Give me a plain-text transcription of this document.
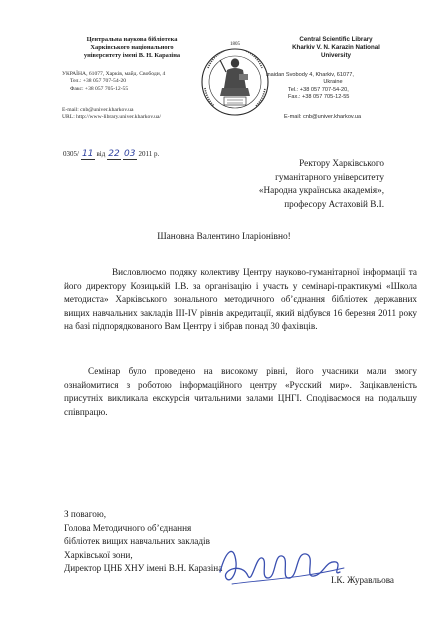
Центральна наукова бібліотека
Харківського національного
університету імені В. Н. Каразіна
УКРАЇНА, 61077, Харків, майд. Свободи, 4
Тел.: +38 057 707-54-20
Факс: +38 057 705-12-55
E-mail: cnb@univer.kharkov.ua
URL: http://www-library.univer.kharkov.ua/
1805
Central Scientific Library
Kharkiv V. N. Karazin National
University
maidan Svobody 4, Kharkiv, 61077,
Ukraine
Tel.: +38 057 707-54-20,
Fax.: +38 057 705-12-55
E-mail: cnb@univer.kharkov.ua
0305/ 11 від 22 03 2011 р.
Ректору Харківського
гуманітарного університету
«Народна українська академія»,
професору Астаховій В.І.
Шановна Валентино Іларіонівно!
Висловлюємо подяку колективу Центру науково-гуманітарної інформації та його директору Козицькій І.В. за організацію і участь у семінарі-практикумі «Школа методиста» Харківського зонального методичного об’єднання бібліотек державних вищих навчальних закладів ІІІ-ІV рівнів акредитації, який відбувся 16 березня 2011 року на базі підпорядкованого Вам Центру і зібрав понад 30 фахівців.
Семінар було проведено на високому рівні, його учасники мали змогу ознайомитися з роботою інформаційного центру «Русский мир». Зацікавленість присутніх викликала екскурсія читальними залами ЦНГІ. Сподіваємося на подальшу співпрацю.
З повагою,
Голова Методичного об’єднання
бібліотек вищих навчальних закладів
Харківської зони,
Директор ЦНБ ХНУ імені В.Н. Каразіна
І.К. Журавльова
